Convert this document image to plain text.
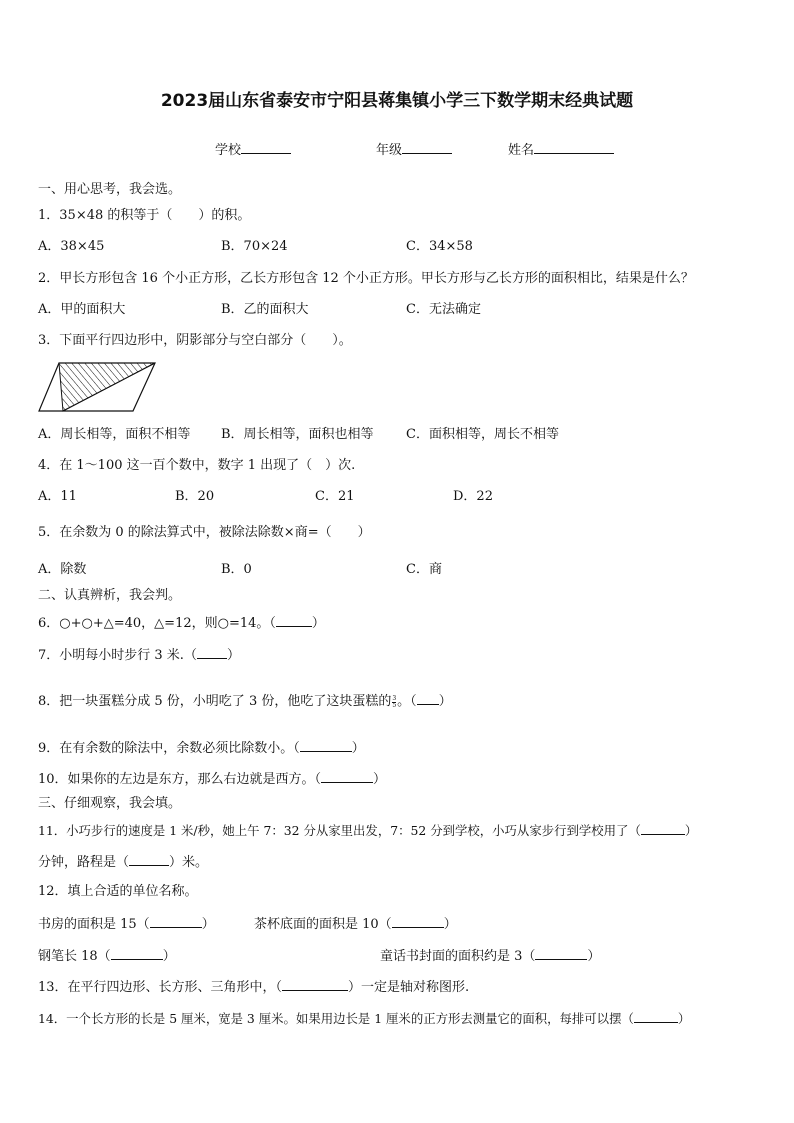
2023届山东省泰安市宁阳县蒋集镇小学三下数学期末经典试题
学校	年级	姓名
一、用心思考，我会选。
1．35×48 的积等于（　　）的积。
A．38×45	B．70×24	C．34×58
2．甲长方形包含 16 个小正方形，乙长方形包含 12 个小正方形。甲长方形与乙长方形的面积相比，结果是什么？
A．甲的面积大	B．乙的面积大	C．无法确定
3．下面平行四边形中，阴影部分与空白部分（　　）。
A．周长相等，面积不相等 B．周长相等，面积也相等 C．面积相等，周长不相等
4．在 1～100 这一百个数中，数字 1 出现了（　）次.
A．11	B．20	C．21	D．22
5．在余数为 0 的除法算式中，被除法除数×商=（　　）
A．除数	B．0	C．商
二、认真辨析，我会判。
6．○+○+△=40，△=12，则○=14。（	）
7．小明每小时步行 3 米.（ ）
8．把一块蛋糕分成 5 份，小明吃了 3 份，他吃了这块蛋糕的 $\frac{3}{5}$ 。（ ）
9．在有余数的除法中，余数必须比除数小。（	）
10．如果你的左边是东方，那么右边就是西方。（	）
三、仔细观察，我会填。
11．小巧步行的速度是 1 米/秒，她上午 7：32 分从家里出发，7：52 分到学校，小巧从家步行到学校用了（	）
分钟，路程是（	）米。
12．填上合适的单位名称。
书房的面积是 15（	）	茶杯底面的面积是 10（	）
钢笔长 18（	）	童话书封面的面积约是 3（	）
13．在平行四边形、长方形、三角形中，（	）一定是轴对称图形.
14．一个长方形的长是 5 厘米，宽是 3 厘米。如果用边长是 1 厘米的正方形去测量它的面积，每排可以摆（	）
